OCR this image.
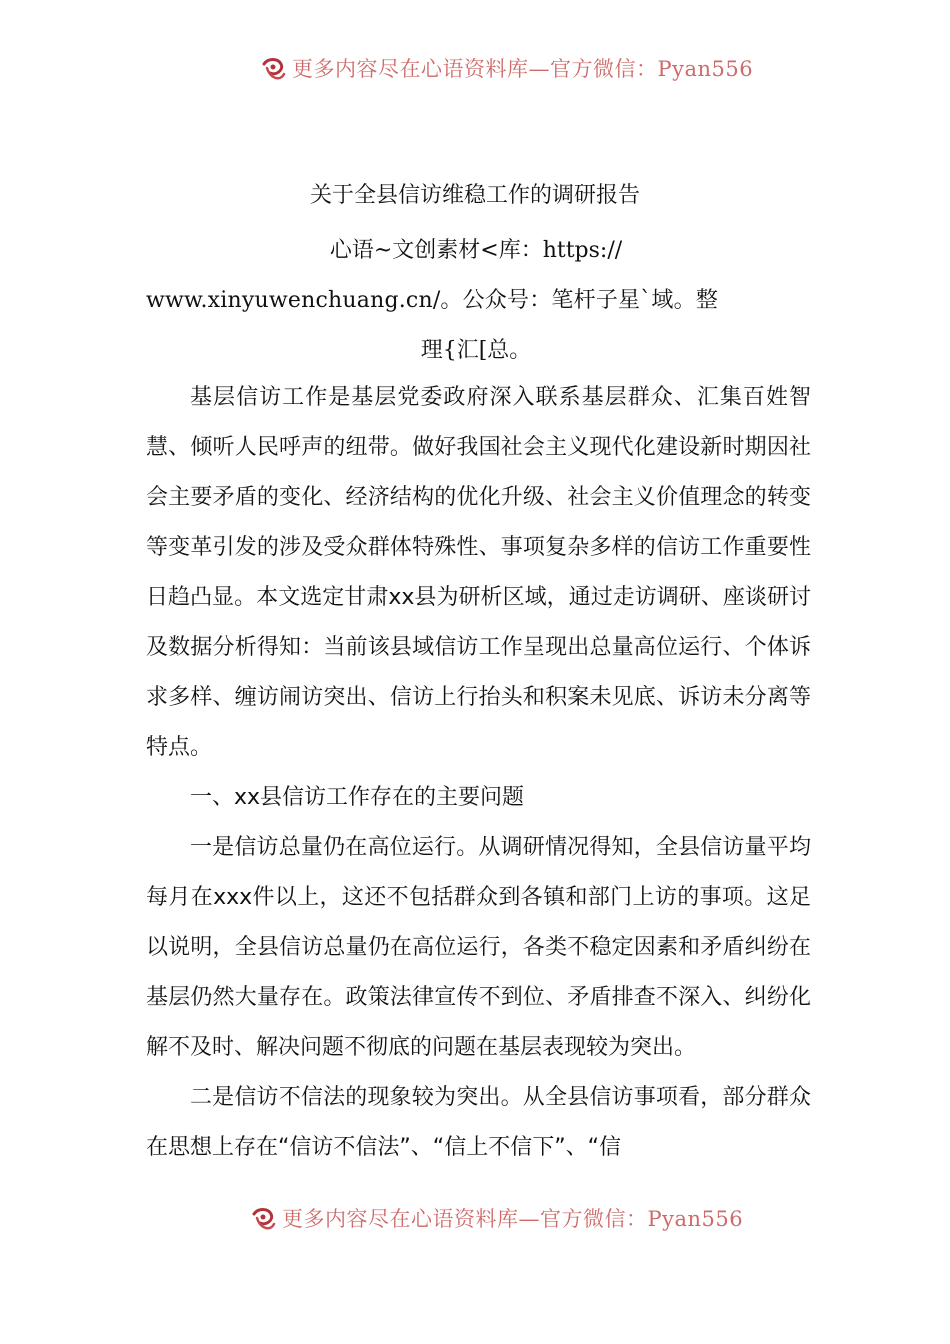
更多内容尽在心语资料库—官方微信：Pyan556
关于全县信访维稳工作的调研报告
心语~文创素材<库：https://
www.xinyuwenchuang.cn/。公众号：笔杆子星`域。整
理{汇[总。

基层信访工作是基层党委政府深入联系基层群众、汇集百姓智慧、倾听人民呼声的纽带。做好我国社会主义现代化建设新时期因社会主要矛盾的变化、经济结构的优化升级、社会主义价值理念的转变等变革引发的涉及受众群体特殊性、事项复杂多样的信访工作重要性日趋凸显。本文选定甘肃xx县为研析区域，通过走访调研、座谈研讨及数据分析得知：当前该县域信访工作呈现出总量高位运行、个体诉求多样、缠访闹访突出、信访上行抬头和积案未见底、诉访未分离等特点。

一、xx县信访工作存在的主要问题

一是信访总量仍在高位运行。从调研情况得知，全县信访量平均每月在xxx件以上，这还不包括群众到各镇和部门上访的事项。这足以说明，全县信访总量仍在高位运行，各类不稳定因素和矛盾纠纷在基层仍然大量存在。政策法律宣传不到位、矛盾排查不深入、纠纷化解不及时、解决问题不彻底的问题在基层表现较为突出。

二是信访不信法的现象较为突出。从全县信访事项看，部分群众在思想上存在“信访不信法”、“信上不信下”、“信

更多内容尽在心语资料库—官方微信：Pyan556
